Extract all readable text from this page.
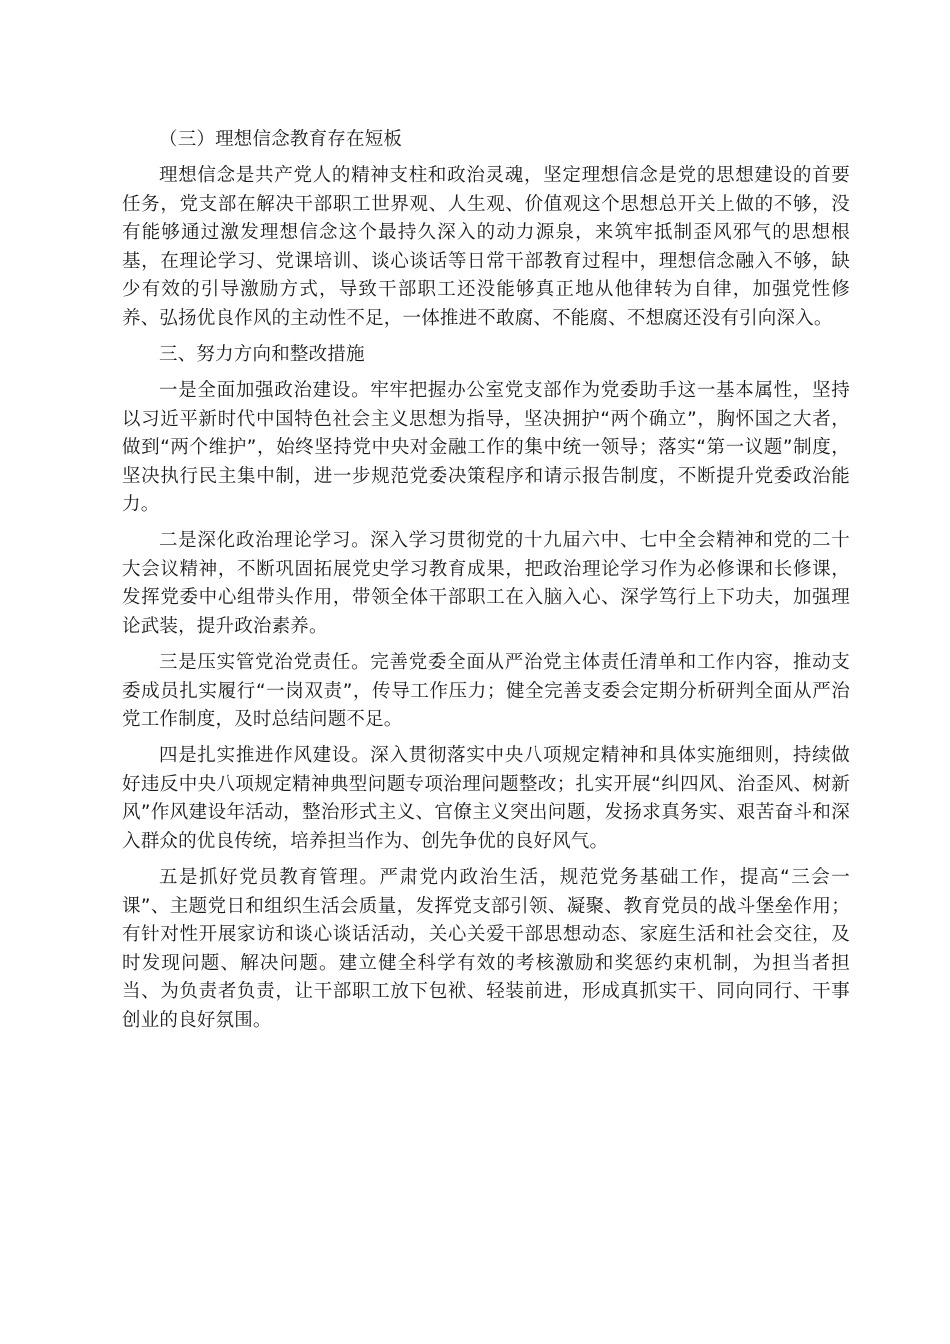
（三）理想信念教育存在短板

理想信念是共产党人的精神支柱和政治灵魂，坚定理想信念是党的思想建设的首要任务，党支部在解决干部职工世界观、人生观、价值观这个思想总开关上做的不够，没有能够通过激发理想信念这个最持久深入的动力源泉，来筑牢抵制歪风邪气的思想根基，在理论学习、党课培训、谈心谈话等日常干部教育过程中，理想信念融入不够，缺少有效的引导激励方式，导致干部职工还没能够真正地从他律转为自律，加强党性修养、弘扬优良作风的主动性不足，一体推进不敢腐、不能腐、不想腐还没有引向深入。

三、努力方向和整改措施

一是全面加强政治建设。牢牢把握办公室党支部作为党委助手这一基本属性，坚持以习近平新时代中国特色社会主义思想为指导，坚决拥护“两个确立”，胸怀国之大者，做到“两个维护”，始终坚持党中央对金融工作的集中统一领导；落实“第一议题”制度，坚决执行民主集中制，进一步规范党委决策程序和请示报告制度，不断提升党委政治能力。

二是深化政治理论学习。深入学习贯彻党的十九届六中、七中全会精神和党的二十大会议精神，不断巩固拓展党史学习教育成果，把政治理论学习作为必修课和长修课，发挥党委中心组带头作用，带领全体干部职工在入脑入心、深学笃行上下功夫，加强理论武装，提升政治素养。

三是压实管党治党责任。完善党委全面从严治党主体责任清单和工作内容，推动支委成员扎实履行“一岗双责”，传导工作压力；健全完善支委会定期分析研判全面从严治党工作制度，及时总结问题不足。

四是扎实推进作风建设。深入贯彻落实中央八项规定精神和具体实施细则，持续做好违反中央八项规定精神典型问题专项治理问题整改；扎实开展“纠四风、治歪风、树新风”作风建设年活动，整治形式主义、官僚主义突出问题，发扬求真务实、艰苦奋斗和深入群众的优良传统，培养担当作为、创先争优的良好风气。

五是抓好党员教育管理。严肃党内政治生活，规范党务基础工作，提高“三会一课”、主题党日和组织生活会质量，发挥党支部引领、凝聚、教育党员的战斗堡垒作用；有针对性开展家访和谈心谈话活动，关心关爱干部思想动态、家庭生活和社会交往，及时发现问题、解决问题。建立健全科学有效的考核激励和奖惩约束机制，为担当者担当、为负责者负责，让干部职工放下包袱、轻装前进，形成真抓实干、同向同行、干事创业的良好氛围。
